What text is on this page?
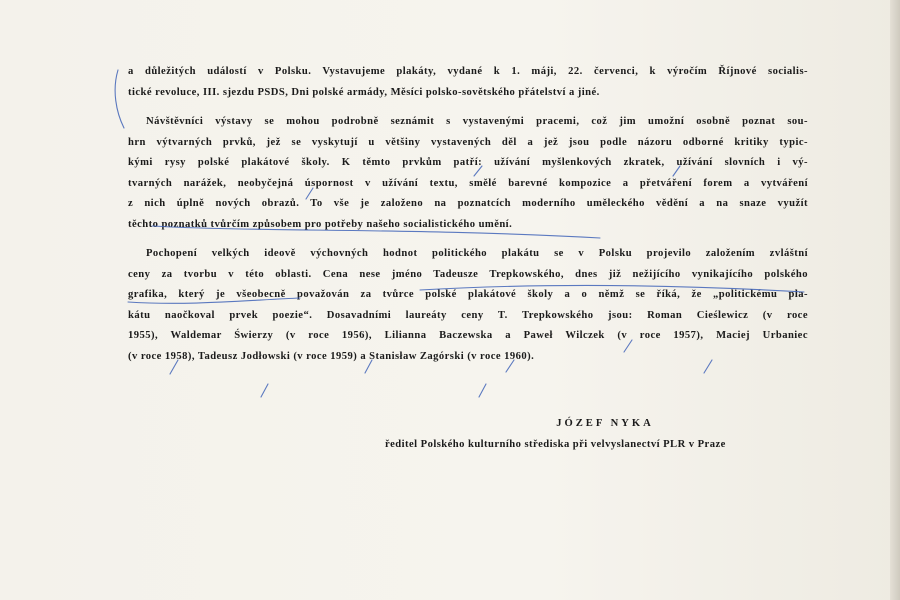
a důležitých událostí v Polsku. Vystavujeme plakáty, vydané k 1. máji, 22. červenci, k výročím Říjnové socialis-
tické revoluce, III. sjezdu PSDS, Dni polské armády, Měsíci polsko-sovětského přátelství a jiné.

Návštěvníci výstavy se mohou podrobně seznámit s vystavenými pracemi, což jim umožní osobně poznat sou-
hrn výtvarných prvků, jež se vyskytují u většiny vystavených děl a jež jsou podle názoru odborné kritiky typic-
kými rysy polské plakátové školy. K těmto prvkům patří: užívání myšlenkových zkratek, užívání slovních i vý-
tvarných narážek, neobyčejná úspornost v užívání textu, smělé barevné kompozice a přetváření forem a vytváření
z nich úplně nových obrazů. To vše je založeno na poznatcích moderního uměleckého vědění a na snaze využít
těchto poznatků tvůrčím způsobem pro potřeby našeho socialistického umění.

Pochopení velkých ideově výchovných hodnot politického plakátu se v Polsku projevilo založením zvláštní
ceny za tvorbu v této oblasti. Cena nese jméno Tadeusze Trepkowského, dnes již nežijícího vynikajícího polského
grafika, který je všeobecně považován za tvůrce polské plakátové školy a o němž se říká, že „politickému pla-
kátu naočkoval prvek poezie“. Dosavadními laureáty ceny T. Trepkowského jsou: Roman Cieślewicz (v roce
1955), Waldemar Świerzy (v roce 1956), Lilianna Baczewska a Paweł Wilczek (v roce 1957), Maciej Urbaniec
(v roce 1958), Tadeusz Jodłowski (v roce 1959) a Stanisław Zagórski (v roce 1960).

JÓZEF NYKA
ředitel Polského kulturního střediska při velvyslanectví PLR v Praze
